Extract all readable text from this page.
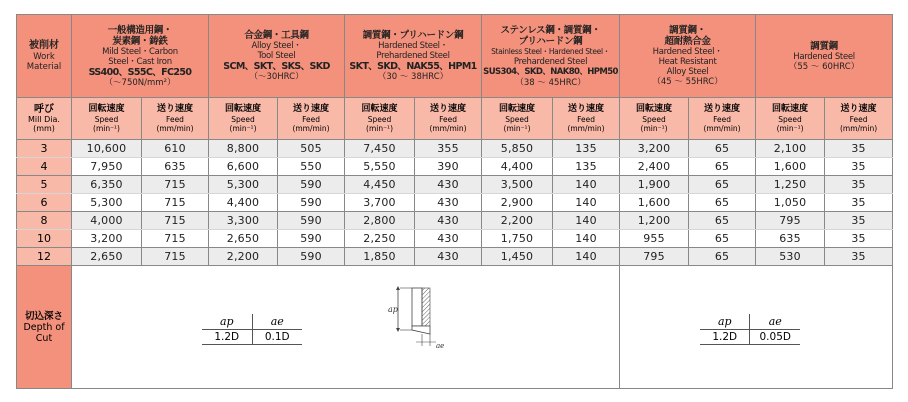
被削材
Work
Material

一般構造用鋼・
炭素鋼・鋳鉄
Mild Steel・Carbon
Steel・Cast Iron
SS400、S55C、FC250
（～750N/mm²）

合金鋼・工具鋼
Alloy Steel・
Tool Steel
SCM、SKT、SKS、SKD
（～30HRC）

調質鋼・プリハードン鋼
Hardened Steel・
Prehardened Steel
SKT、SKD、NAK55、HPM1
（30 ～ 38HRC）

ステンレス鋼・調質鋼・
プリハードン鋼
Stainless Steel・Hardened Steel・
Prehardened Steel
SUS304、SKD、NAK80、HPM50
（38 ～ 45HRC）

調質鋼・
超耐熱合金
Hardened Steel・
Heat Resistant
Alloy Steel
（45 ～ 55HRC）

調質鋼
Hardened Steel
（55 ～ 60HRC）

呼び
Mill Dia.
(mm)

回転速度
Speed
(min⁻¹)

送り速度
Feed
(mm/min)

回転速度
Speed
(min⁻¹)

送り速度
Feed
(mm/min)

回転速度
Speed
(min⁻¹)

送り速度
Feed
(mm/min)

回転速度
Speed
(min⁻¹)

送り速度
Feed
(mm/min)

回転速度
Speed
(min⁻¹)

送り速度
Feed
(mm/min)

回転速度
Speed
(min⁻¹)

送り速度
Feed
(mm/min)

3	10,600	610	8,800	505	7,450	355	5,850	135	3,200	65	2,100	35
4	7,950	635	6,600	550	5,550	390	4,400	135	2,400	65	1,600	35
5	6,350	715	5,300	590	4,450	430	3,500	140	1,900	65	1,250	35
6	5,300	715	4,400	590	3,700	430	2,900	140	1,600	65	1,050	35
8	4,000	715	3,300	590	2,800	430	2,200	140	1,200	65	795	35
10	3,200	715	2,650	590	2,250	430	1,750	140	955	65	635	35
12	2,650	715	2,200	590	1,850	430	1,450	140	795	65	530	35

切込深さ
Depth of
Cut

ap	ae
1.2D	0.1D
ap
ae

ap	ae
1.2D	0.05D
